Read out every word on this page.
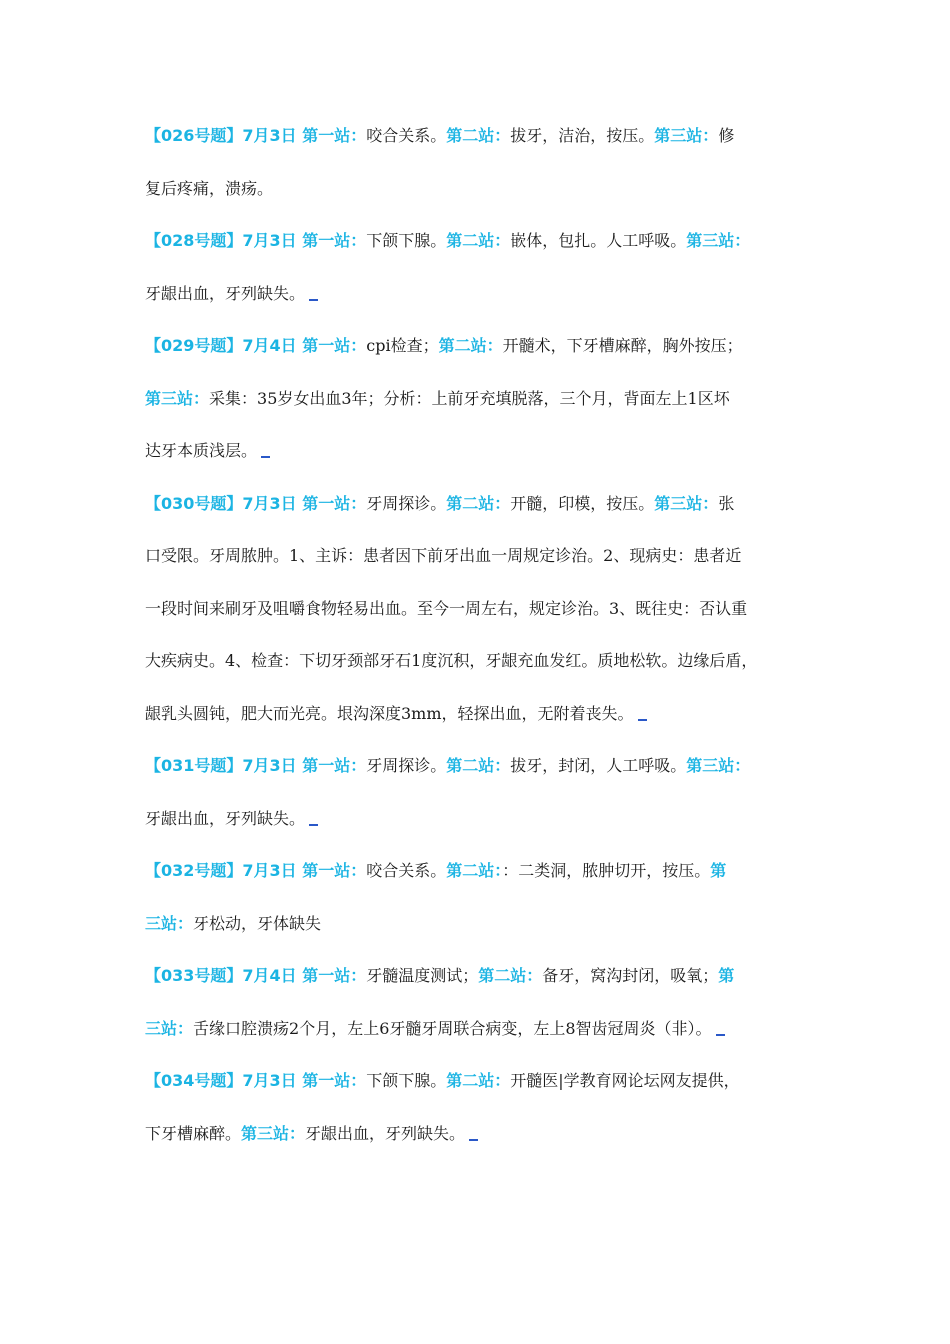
【026号题】7月3日 第一站：咬合关系。第二站：拔牙，洁治，按压。第三站：修
复后疼痛，溃疡。
【028号题】7月3日 第一站：下颌下腺。第二站：嵌体，包扎。人工呼吸。第三站：
牙龈出血，牙列缺失。
【029号题】7月4日 第一站：cpi检查；第二站：开髓术，下牙槽麻醉，胸外按压；
第三站：采集：35岁女出血3年；分析：上前牙充填脱落，三个月，背面左上1区坏
达牙本质浅层。
【030号题】7月3日 第一站：牙周探诊。第二站：开髓，印模，按压。第三站：张
口受限。牙周脓肿。1、主诉：患者因下前牙出血一周规定诊治。2、现病史：患者近
一段时间来刷牙及咀嚼食物轻易出血。至今一周左右，规定诊治。3、既往史：否认重
大疾病史。4、检查：下切牙颈部牙石1度沉积，牙龈充血发红。质地松软。边缘后盾，
龈乳头圆钝，肥大而光亮。垠沟深度3mm，轻探出血，无附着丧失。
【031号题】7月3日 第一站：牙周探诊。第二站：拔牙，封闭，人工呼吸。第三站：
牙龈出血，牙列缺失。
【032号题】7月3日 第一站：咬合关系。第二站：：二类洞，脓肿切开，按压。第
三站：牙松动，牙体缺失
【033号题】7月4日 第一站：牙髓温度测试；第二站：备牙，窝沟封闭，吸氧；第
三站：舌缘口腔溃疡2个月，左上6牙髓牙周联合病变，左上8智齿冠周炎（非）。
【034号题】7月3日 第一站：下颌下腺。第二站：开髓医|学教育网论坛网友提供，
下牙槽麻醉。第三站：牙龈出血，牙列缺失。
